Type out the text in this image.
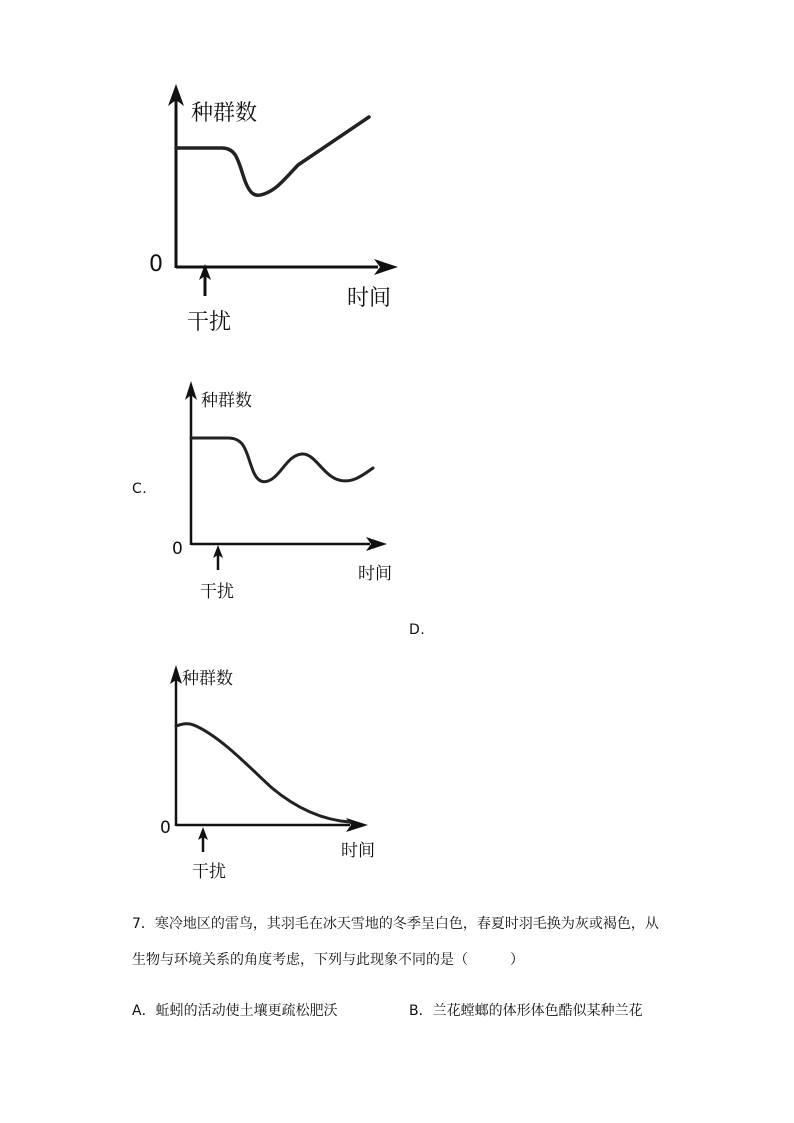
种群数
0
时间
干扰
C.
种群数
0
时间
干扰
D.
种群数
0
时间
干扰
7．寒冷地区的雷鸟，其羽毛在冰天雪地的冬季呈白色，春夏时羽毛换为灰或褐色，从
生物与环境关系的角度考虑，下列与此现象不同的是（　　　）
A．蚯蚓的活动使土壤更疏松肥沃	B．兰花螳螂的体形体色酷似某种兰花
